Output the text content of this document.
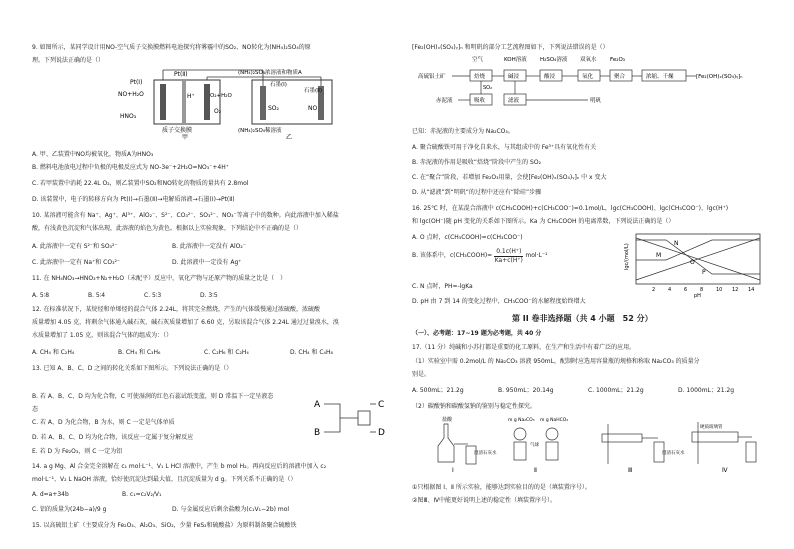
9. 如图所示，某同学设计用NO-空气质子交换膜燃料电池探究将雾霾中的SO₂、NO转化为(NH₄)₂SO₄的原
理。下列说法正确的是（）
Pt(Ⅰ)
Pt(Ⅱ)	(NH₄)₂SO₄浓溶液和物质A
NO+H₂O
HNO₃
H⁺	O₂+H₂O
O₂
石墨(Ⅰ)
石墨(Ⅱ)
SO₂	NO
质子交换膜
甲
(NH₄)₂SO₄稀溶液
乙
A. 甲、乙装置中NO均被氧化，物质A为HNO₃
B. 燃料电池放电过程中负极的电极反应式为 NO-3e⁻+2H₂O=NO₃⁻+4H⁺
C. 若甲装置中消耗 22.4L O₂，则乙装置中SO₂和NO转化的物质的量共有 2.8mol
D. 该装置中，电子的转移方向为 Pt(Ⅰ)→石墨(Ⅱ)→电解质溶液→石墨(Ⅰ)→Pt(Ⅱ)
10. 某溶液可能含有 Na⁺、Ag⁺、Al³⁺、AlO₂⁻、S²⁻、CO₃²⁻、SO₃²⁻、NO₃⁻等离子中的数种。向此溶液中加入稀盐
酸，有浅黄色沉淀和气体出现，此溶液的焰色为黄色。根据以上实验现象，下列结论中不正确的是（）
A. 此溶液中一定有 S²⁻和 SO₃²⁻	B. 此溶液中一定没有 AlO₂⁻
C. 此溶液中一定有 Na⁺和 CO₃²⁻	D. 此溶液中一定没有 Ag⁺
11. 在 NH₄NO₃→HNO₃+N₂+H₂O（未配平）反应中，氧化产物与还原产物的质量之比是（　）
A. 5∶8	B. 5∶4	C. 5∶3	D. 3∶5
12. 在标准状况下，某烷烃和单烯烃的混合气体 2.24L，将其完全燃烧，产生的气体缓慢通过浓硫酸，浓硫酸
质量增加 4.05 克，将剩余气体通入碱石灰，碱石灰质量增加了 6.60 克，另取该混合气体 2.24L 通过过量溴水，溴
水质量增加了 1.05 克，则该混合气体的组成为：（）
A. CH₄ 和 C₂H₄	B. CH₄ 和 C₃H₆	C. C₂H₆ 和 C₂H₄	D. CH₄ 和 C₄H₈
13. 已知 A、B、C、D 之间的转化关系如下图所示。下列说法正确的是（）
B. 若 A、B、C、D 均为化合物，C 可使湿润的红色石蕊试纸变蓝，则 D 常温下一定呈液态
态
C. 若 A、D 为化合物，B 为水，则 C 一定是气体单质
D. 若 A、B、C、D 均为化合物，该反应一定属于复分解反应
E. 若 D 为 Fe₂O₃，则 C 一定为铝
A
B
C
D
14. a g Mg、Al 合金完全溶解在 c₁ mol·L⁻¹、V₁ L HCl 溶液中，产生 b mol H₂。再向反应后的溶液中加入 c₂
mol·L⁻¹、V₂ L NaOH 溶液，恰好使沉淀达到最大值，且沉淀质量为 d g。下列关系不正确的是（）
A. d=a+34b	B. c₁=c₂V₂/V₁
C. 铝的质量为(24b−a)/9 g	D. 与金属反应后剩余盐酸为(c₁V₁−2b) mol
15. 以高硫铝土矿（主要成分为 Fe₂O₃、Al₂O₃、SiO₂，少量 FeS₂和硫酸盐）为原料制备聚合硫酸铁
[Fe₂(OH)ₓ(SO₄)ᵧ]ₙ 和明矾的部分工艺流程图如下，下列说法错误的是（）
空气	KOH溶液 H₂SO₄溶液 双氧水 Fe₂O₃
高硫铝土矿	焙烧	碱浸	酸浸	氧化	聚合	浓缩、干燥	[Fe₂(OH)ₓ(SO₄)ᵧ]ₙ
赤泥液	吸收
SO₂
滤液	明矾
已知：赤泥液的主要成分为 Na₂CO₃。
A. 聚合硫酸铁可用于净化自来水，与其组成中的 Fe³⁺具有氧化性有关
B. 赤泥液的作用是吸收“焙烧”阶段中产生的 SO₂
C. 在“聚合”阶段，若增加 Fe₂O₃用量，会使[Fe₂(OH)ₓ(SO₄)ᵧ]ₙ 中 x 变大
D. 从“滤液”到“明矾”的过程中还应有“除硅”步骤
16. 25℃ 时，在某混合溶液中 c(CH₃COOH)+c(CH₃COO⁻)=0.1mol/L，lgc(CH₃COOH)、lgc(CH₃COO⁻)、lgc(H⁺)
和 lgc(OH⁻)随 pH 变化的关系如下图所示。Ka 为 CH₃COOH 的电离常数，下列说法正确的是（）
A. O 点时，c(CH₃COOH)=c(CH₃COO⁻)
B. 该体系中， c(CH₃COOH)= $\frac{0.1c(H^+)}{Ka+c(H^+)} mol\cdot L^{-1}$
C. N 点时，PH=-lgKa
D. pH 由 7 到 14 的变化过程中，CH₃COO⁻的水解程度始终增大
lgc/(mol/L)	M
N
O
P
2	4	6	8	10 12 14
pH
第 II 卷非选择题（共 4 小题　52 分）
（一）、必考题：17~19 题为必考题，共 40 分
17.（11 分）纯碱和小苏打都是重要的化工原料，在生产和生活中有着广泛的应用。
（1）实验室中需 0.2mol/L 的 Na₂CO₃ 溶液 950mL，配制时应选用容量瓶的规格和称取 Na₂CO₃ 的质量分
别是。
A. 500mL；21.2g	B. 950mL；20.14g	C. 1000mL；21.2g	D. 1000mL；21.2g
（2）碳酸钠和碳酸氢钠的鉴别与稳定性探究。
盐酸
澄清石灰水
Ⅰ
m g Na₂CO₃ m g NaHCO₃
气球
Ⅱ
澄清石灰水
Ⅲ
硬质玻璃管
Ⅳ
①只根据图 Ⅰ、Ⅱ 所示实验，能够达到实验目的的是（填装置序号）。
②图Ⅲ、Ⅳ中能更好说明上述的稳定性（填装置序号）。
